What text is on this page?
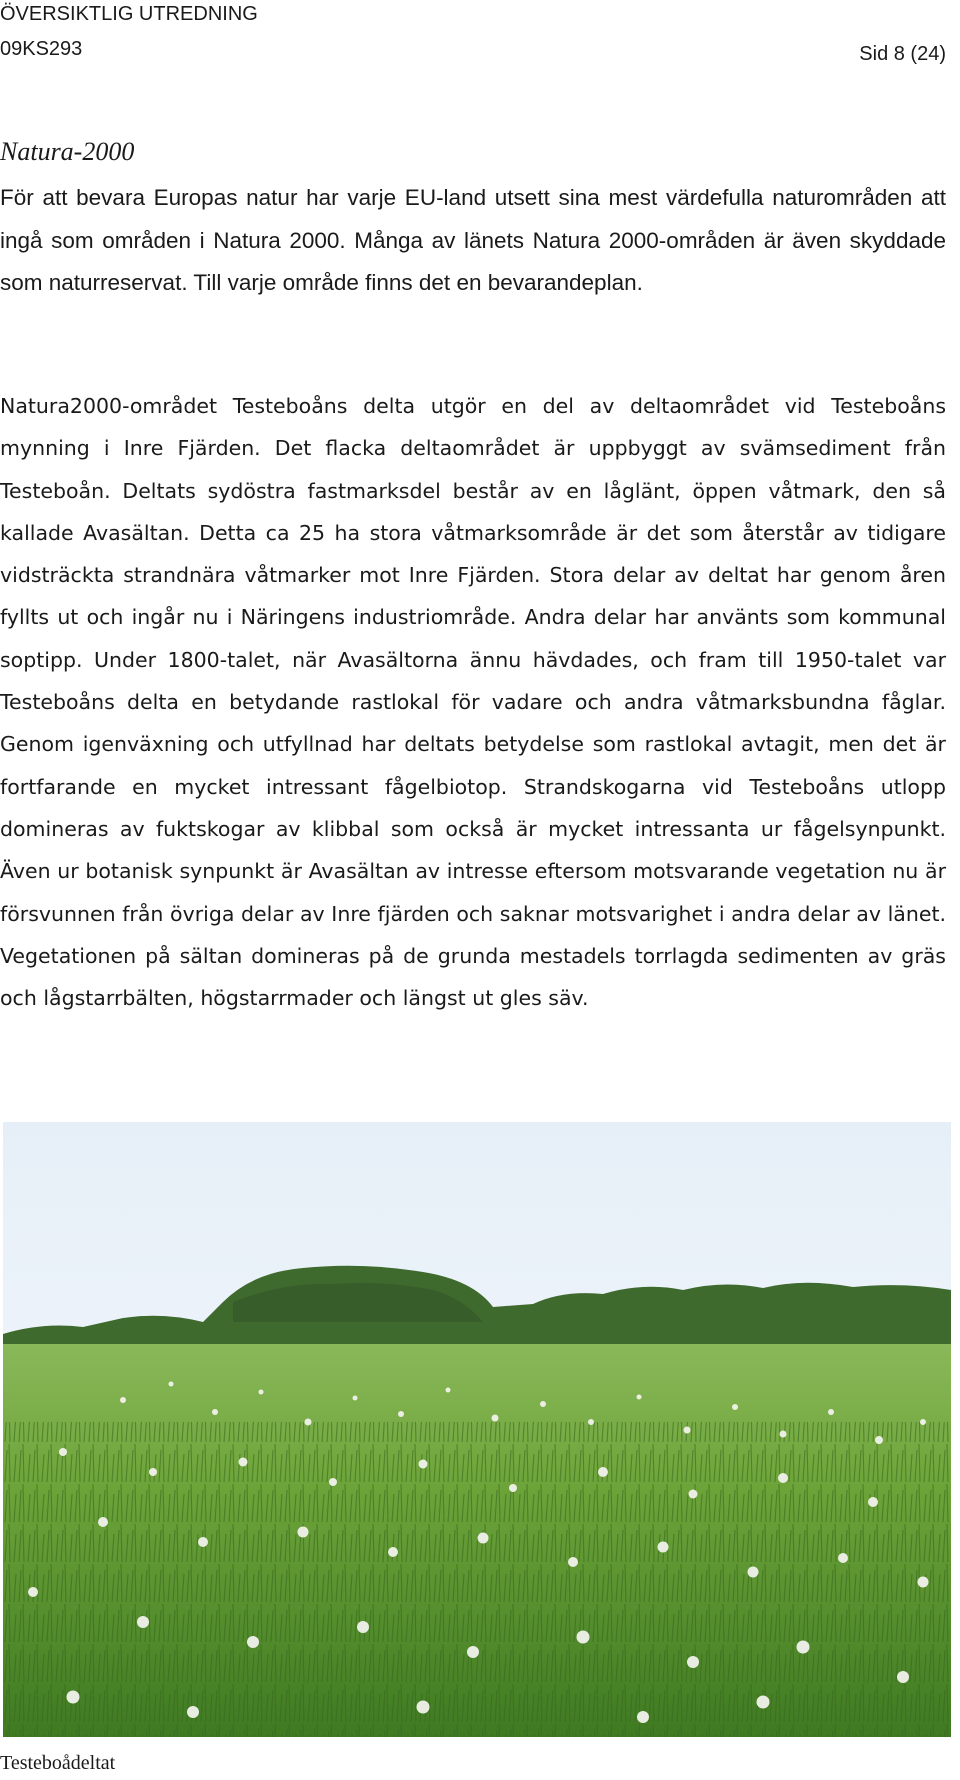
ÖVERSIKTLIG UTREDNING
09KS293	Sid 8 (24)
Natura-2000

För att bevara Europas natur har varje EU-land utsett sina mest värdefulla naturområden att ingå som områden i Natura 2000. Många av länets Natura 2000-områden är även skyddade som naturreservat. Till varje område finns det en bevarandeplan.

Natura2000-området Testeboåns delta utgör en del av deltaområdet vid Testeboåns mynning i Inre Fjärden. Det flacka deltaområdet är uppbyggt av svämsediment från Testeboån. Deltats sydöstra fastmarksdel består av en låglänt, öppen våtmark, den så kallade Avasältan. Detta ca 25 ha stora våtmarksområde är det som återstår av tidigare vidsträckta strandnära våtmarker mot Inre Fjärden. Stora delar av deltat har genom åren fyllts ut och ingår nu i Näringens industriområde. Andra delar har använts som kommunal soptipp. Under 1800-talet, när Avasältorna ännu hävdades, och fram till 1950-talet var Testeboåns delta en betydande rastlokal för vadare och andra våtmarksbundna fåglar. Genom igenväxning och utfyllnad har deltats betydelse som rastlokal avtagit, men det är fortfarande en mycket intressant fågelbiotop. Strandskogarna vid Testeboåns utlopp domineras av fuktskogar av klibbal som också är mycket intressanta ur fågelsynpunkt. Även ur botanisk synpunkt är Avasältan av intresse eftersom motsvarande vegetation nu är försvunnen från övriga delar av Inre fjärden och saknar motsvarighet i andra delar av länet. Vegetationen på sältan domineras på de grunda mestadels torrlagda sedimenten av gräs och lågstarrbälten, högstarrmader och längst ut gles säv.

Testeboådeltat
